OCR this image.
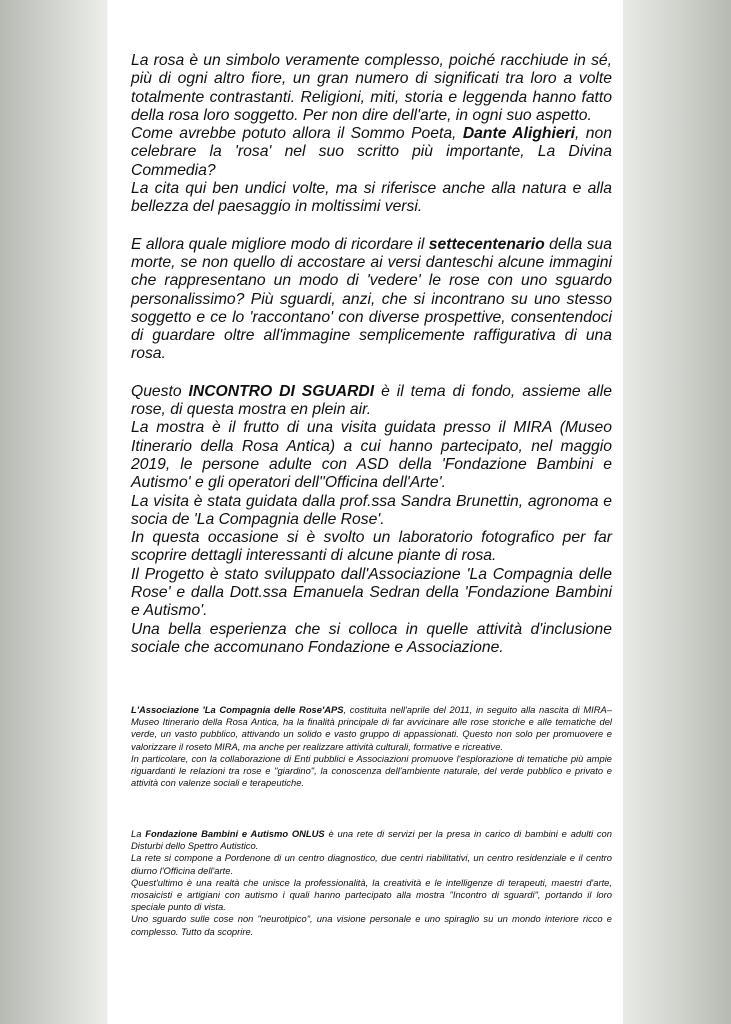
La rosa è un simbolo veramente complesso, poiché racchiude in sé, più di ogni altro fiore, un gran numero di significati tra loro a volte totalmente contrastanti. Religioni, miti, storia e leggenda hanno fatto della rosa loro soggetto. Per non dire dell'arte, in ogni suo aspetto.

Come avrebbe potuto allora il Sommo Poeta, Dante Alighieri, non celebrare la 'rosa' nel suo scritto più importante, La Divina Commedia?

La cita qui ben undici volte, ma si riferisce anche alla natura e alla bellezza del paesaggio in moltissimi versi.

E allora quale migliore modo di ricordare il settecentenario della sua morte, se non quello di accostare ai versi danteschi alcune immagini che rappresentano un modo di 'vedere' le rose con uno sguardo personalissimo? Più sguardi, anzi, che si incontrano su uno stesso soggetto e ce lo 'raccontano' con diverse prospettive, consentendoci di guardare oltre all'immagine semplicemente raffigurativa di una rosa.

Questo INCONTRO DI SGUARDI è il tema di fondo, assieme alle rose, di questa mostra en plein air.

La mostra è il frutto di una visita guidata presso il MIRA (Museo Itinerario della Rosa Antica) a cui hanno partecipato, nel maggio 2019, le persone adulte con ASD della 'Fondazione Bambini e Autismo' e gli operatori dell''Officina dell'Arte'.

La visita è stata guidata dalla prof.ssa Sandra Brunettin, agronoma e socia de 'La Compagnia delle Rose'.

In questa occasione si è svolto un laboratorio fotografico per far scoprire dettagli interessanti di alcune piante di rosa.

Il Progetto è stato sviluppato dall'Associazione 'La Compagnia delle Rose' e dalla Dott.ssa Emanuela Sedran della 'Fondazione Bambini e Autismo'.

Una bella esperienza che si colloca in quelle attività d'inclusione sociale che accomunano Fondazione e Associazione.

L'Associazione 'La Compagnia delle Rose'APS, costituita nell'aprile del 2011, in seguito alla nascita di MIRA–Museo Itinerario della Rosa Antica, ha la finalità principale di far avvicinare alle rose storiche e alle tematiche del verde, un vasto pubblico, attivando un solido e vasto gruppo di appassionati. Questo non solo per promuovere e valorizzare il roseto MIRA, ma anche per realizzare attività culturali, formative e ricreative.

In particolare, con la collaborazione di Enti pubblici e Associazioni promuove l'esplorazione di tematiche più ampie riguardanti le relazioni tra rose e "giardino", la conoscenza dell'ambiente naturale, del verde pubblico e privato e attività con valenze sociali e terapeutiche.

La Fondazione Bambini e Autismo ONLUS è una rete di servizi per la presa in carico di bambini e adulti con Disturbi dello Spettro Autistico.

La rete si compone a Pordenone di un centro diagnostico, due centri riabilitativi, un centro residenziale e il centro diurno l'Officina dell'arte.

Quest'ultimo è una realtà che unisce la professionalità, la creatività e le intelligenze di terapeuti, maestri d'arte, mosaicisti e artigiani con autismo i quali hanno partecipato alla mostra "Incontro di sguardi", portando il loro speciale punto di vista.

Uno sguardo sulle cose non "neurotipico", una visione personale e uno spiraglio su un mondo interiore ricco e complesso. Tutto da scoprire.
